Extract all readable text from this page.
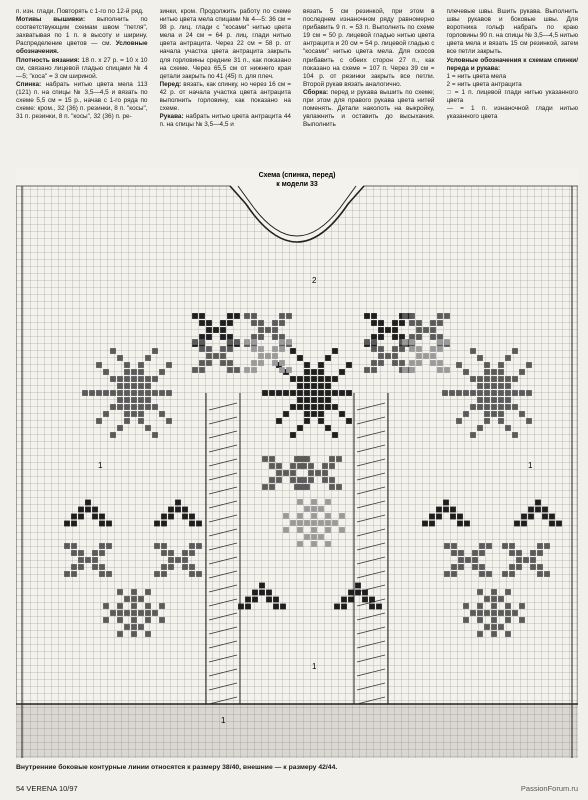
п. изн. глади. Повторять с 1-го по 12-й ряд.

Мотивы вышивки: выполнить по соответствующим схемам швом "петля", захватывая по 1 п. в высоту и ширину. Распределение цветов — см. Условные обозначения.

Плотность вязания: 18 п. x 27 р. = 10 x 10 см, связано лицевой гладью спицами № 4—5; "коса" = 3 см шириной.

Спинка: набрать нитью цвета мела 113 (121) п. на спицы № 3,5—4,5 и вязать по схеме 5,5 см = 15 р., начав с 1-го ряда по схеме: кром., 32 (36) п. резинки, 8 п. "косы", 31 п. резинки, 8 п. "косы", 32 (36) п. ре-

зинки, кром. Продолжить работу по схеме нитью цвета мела спицами № 4—5: 36 см = 98 р. лиц. глади с "косами" нитью цвета мела и 24 см = 64 р. лиц. глади нитью цвета антрацита. Через 22 см = 58 р. от начала участка цвета антрацита закрыть для горловины средние 31 п., как показано на схеме. Через 65,5 см от нижнего края детали закрыть по 41 (45) п. для плеч.

Перед: вязать, как спинку, но через 16 см = 42 р. от начала участка цвета антрацита выполнить горловину, как показано на схеме.

Рукава: набрать нитью цвета антрацита 44 п. на спицы № 3,5—4,5 и

вязать 5 см резинкой, при этом в последнем изнаночном ряду равномерно прибавить 9 п. = 53 п. Выполнить по схеме 19 см = 50 р. лицевой гладью нитью цвета антрацита и 20 см = 54 р. лицевой гладью с "косами" нитью цвета мела. Для скосов прибавить с обеих сторон 27 п., как показано на схеме = 107 п. Через 39 см = 104 р. от резинки закрыть все петли. Второй рукав вязать аналогично.

Сборка: перед и рукава вышить по схеме; при этом для правого рукава цвета нитей поменять. Детали наколоть на выкройку, увлажнить и оставить до высыхания. Выполнить

плечевые швы. Вшить рукава. Выполнить швы рукавов и боковые швы. Для воротника гольф набрать по краю горловины 90 п. на спицы № 3,5—4,5 нитью цвета мела и вязать 15 см резинкой, затем все петли закрыть.

Условные обозначения к схемам спинки/переда и рукава:

1 = нить цвета мела

2 = нить цвета антрацита

□ = 1 п. лицевой глади нитью указанного цвета

— = 1 п. изнаночной глади нитью указанного цвета

Схема (спинка, перед)
к модели 33
2
1	1
1
1
Внутренние боковые контурные линии относятся к размеру 38/40, внешние — к размеру 42/44.
54 VERENA 10/97	PassionForum.ru
